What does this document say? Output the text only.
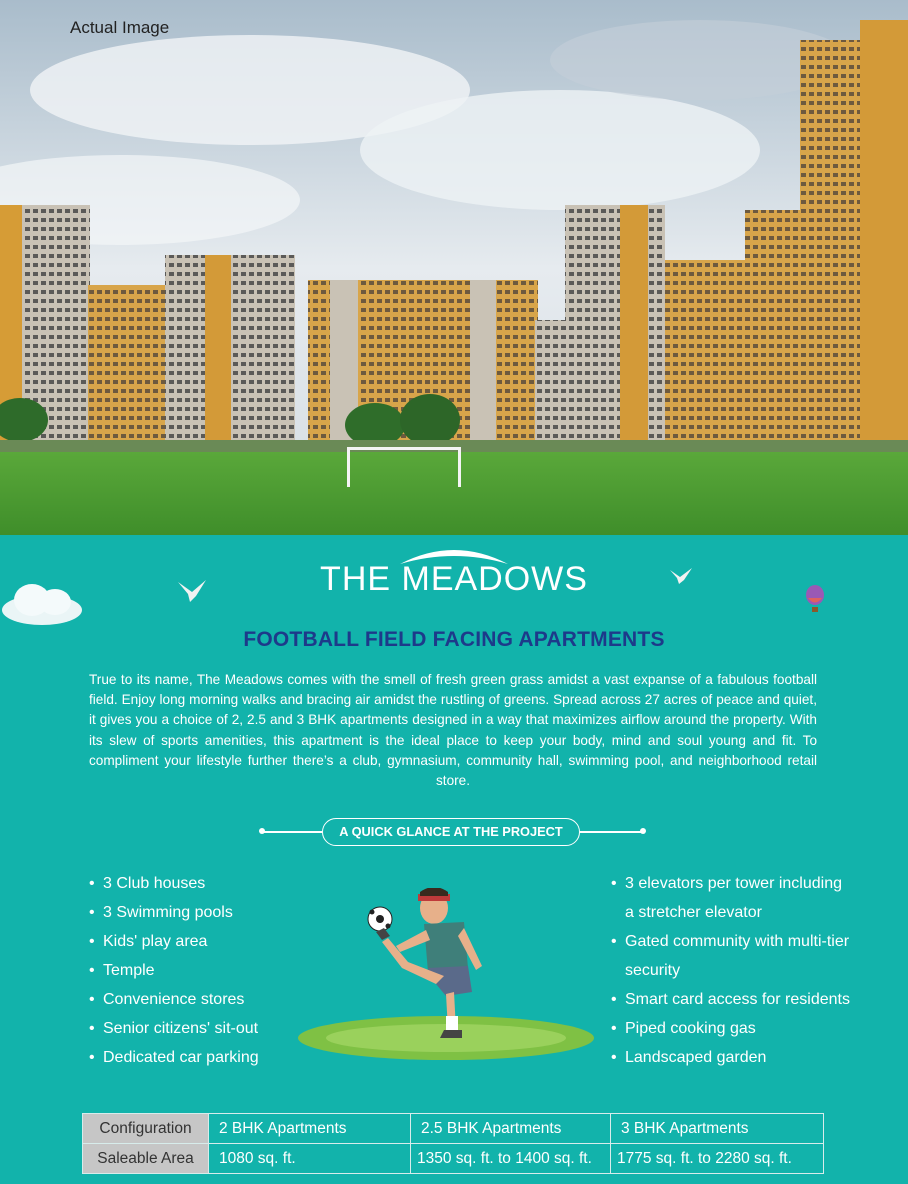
Actual Image
THE MEADOWS
FOOTBALL FIELD FACING APARTMENTS

True to its name, The Meadows comes with the smell of fresh green grass amidst a vast expanse of a fabulous football field. Enjoy long morning walks and bracing air amidst the rustling of greens. Spread across 27 acres of peace and quiet, it gives you a choice of 2, 2.5 and 3 BHK apartments designed in a way that maximizes airflow around the property. With its slew of sports amenities, this apartment is the ideal place to keep your body, mind and soul young and fit. To compliment your lifestyle further there’s a club, gymnasium, community hall, swimming pool, and neighborhood retail store.

A QUICK GLANCE AT THE PROJECT
• 3 Club houses
• 3 Swimming pools
• Kids' play area
• Temple
• Convenience stores
• Senior citizens' sit-out
• Dedicated car parking
• 3 elevators per tower including
a stretcher elevator
• Gated community with multi-tier
security
• Smart card access for residents
• Piped cooking gas
• Landscaped garden
Configuration	2 BHK Apartments	2.5 BHK Apartments	3 BHK Apartments
Saleable Area	1080 sq. ft.	1350 sq. ft. to 1400 sq. ft.	1775 sq. ft. to 2280 sq. ft.
